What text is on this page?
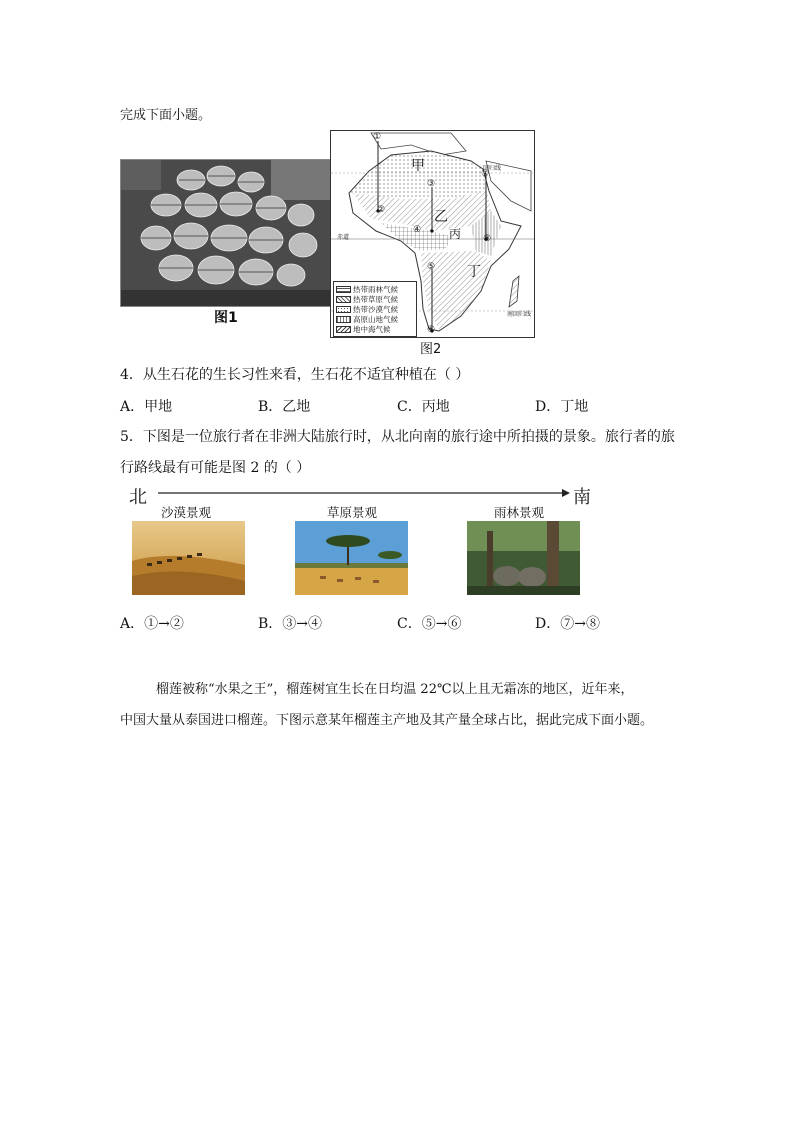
完成下面小题。
图1
甲
乙
丙
丁
赤道
回归线
南回归线
①
②
③
④
⑤
⑥
⑦
⑧
热带雨林气候
热带草原气候
热带沙漠气候
高原山地气候
地中海气候
图2
4．从生石花的生长习性来看，生石花不适宜种植在（ ）
A．甲地	B．乙地	C．丙地	D．丁地
5．下图是一位旅行者在非洲大陆旅行时，从北向南的旅行途中所拍摄的景象。旅行者的旅
行路线最有可能是图 2 的（ ）
北	南
沙漠景观	草原景观	雨林景观
A．①→②	B．③→④	C．⑤→⑥	D．⑦→⑧
榴莲被称“水果之王”，榴莲树宜生长在日均温 22℃以上且无霜冻的地区，近年来，
中国大量从泰国进口榴莲。下图示意某年榴莲主产地及其产量全球占比，据此完成下面小题。
